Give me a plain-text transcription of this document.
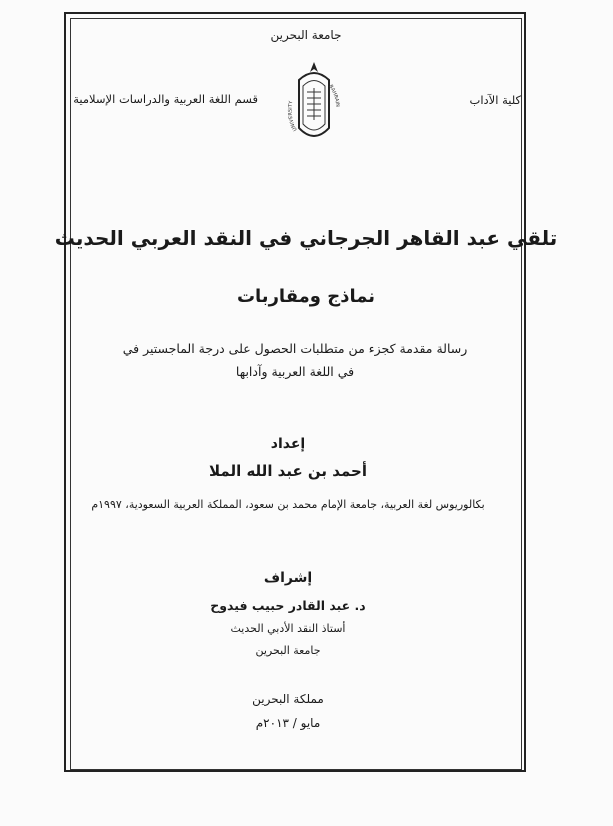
جامعة البحرين
قسم اللغة العربية والدراسات الإسلامية	كلية الآداب
UNIVERSITY
BAHRAIN
تلقي عبد القاهر الجرجاني في النقد العربي الحديث
نماذج ومقاربات
رسالة مقدمة كجزء من متطلبات الحصول على درجة الماجستير في
في اللغة العربية وآدابها
إعداد
أحمد بن عبد الله الملا
بكالوريوس لغة العربية، جامعة الإمام محمد بن سعود، المملكة العربية السعودية، ١٩٩٧م
إشراف
د. عبد القادر حبيب فيدوح
أستاذ النقد الأدبي الحديث
جامعة البحرين
مملكة البحرين
مايو / ٢٠١٣م
